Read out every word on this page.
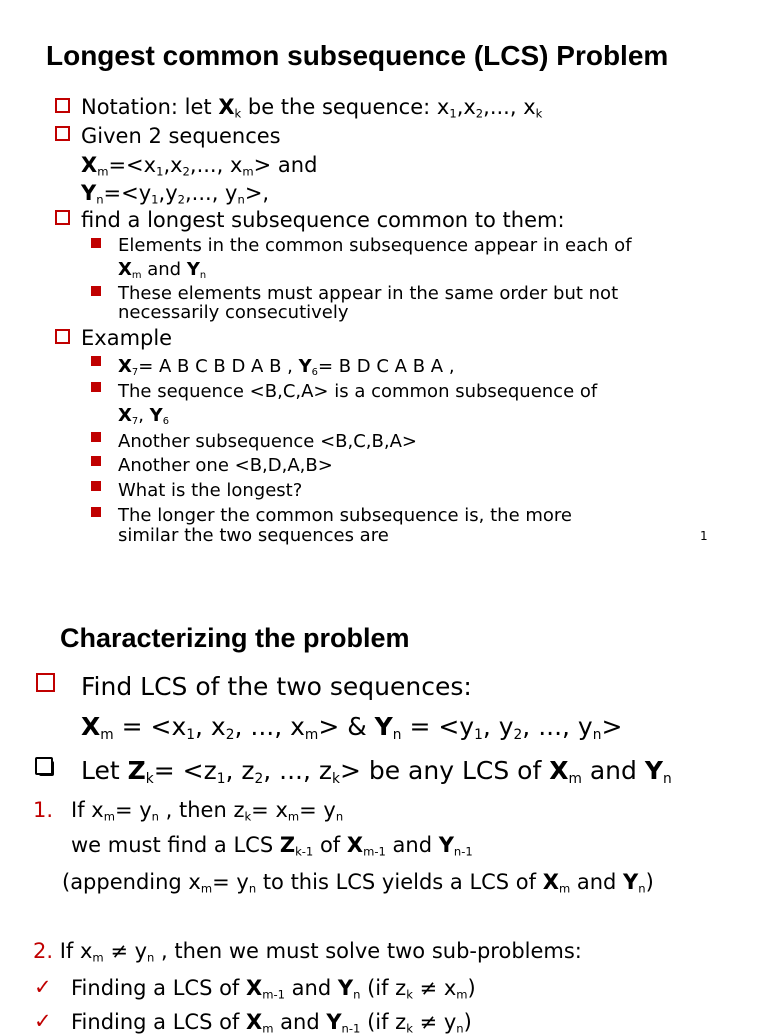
Longest common subsequence (LCS) Problem
Notation: let $X_k$ be the sequence: $x_1,x_2$,..., $x_k$
Given 2 sequences
$X_m=<x_1,x_2$,..., $x_m>$ and
$Y_n=<y_1,y_2$,..., $y_n>$,
find a longest subsequence common to them:
Elements in the common subsequence appear in each of
$X_m$ and $Y_n$
These elements must appear in the same order but not
necessarily consecutively
Example
$X_7= A$ B C B D A B , $Y_6= B$ D C A B A ,
The sequence <B,C,A> is a common subsequence of
$X_7$, $Y_6$
Another subsequence <B,C,B,A>
Another one <B,D,A,B>
What is the longest?
The longer the common subsequence is, the more
similar the two sequences are	1
Characterizing the problem
Find LCS of the two sequences:
$X_m = <x_1$, $x_2$, ..., $x_m>$ & $Y_n = <y_1$, $y_2$, ..., $y_n>$
Let $Z_k= <z_1$, $z_2$, ..., $z_k>$ be any LCS of $X_m$ and $Y_n$
1. If $x_m= y_n$ , then $z_k= x_m= y_n$
we must find a LCS $Z_{k-1}$ of $X_{m-1}$ and $Y_{n-1}$
(appending $x_m= y_n$ to this LCS yields a LCS of $X_m$ and $Y_n$)
2. If $x_m \ne y_n$ , then we must solve two sub-problems:
✓ Finding a LCS of $X_{m-1}$ and $Y_n$ (if $z_k \ne x_m$)
✓ Finding a LCS of $X_m$ and $Y_{n-1}$ (if $z_k \ne y_n$)
